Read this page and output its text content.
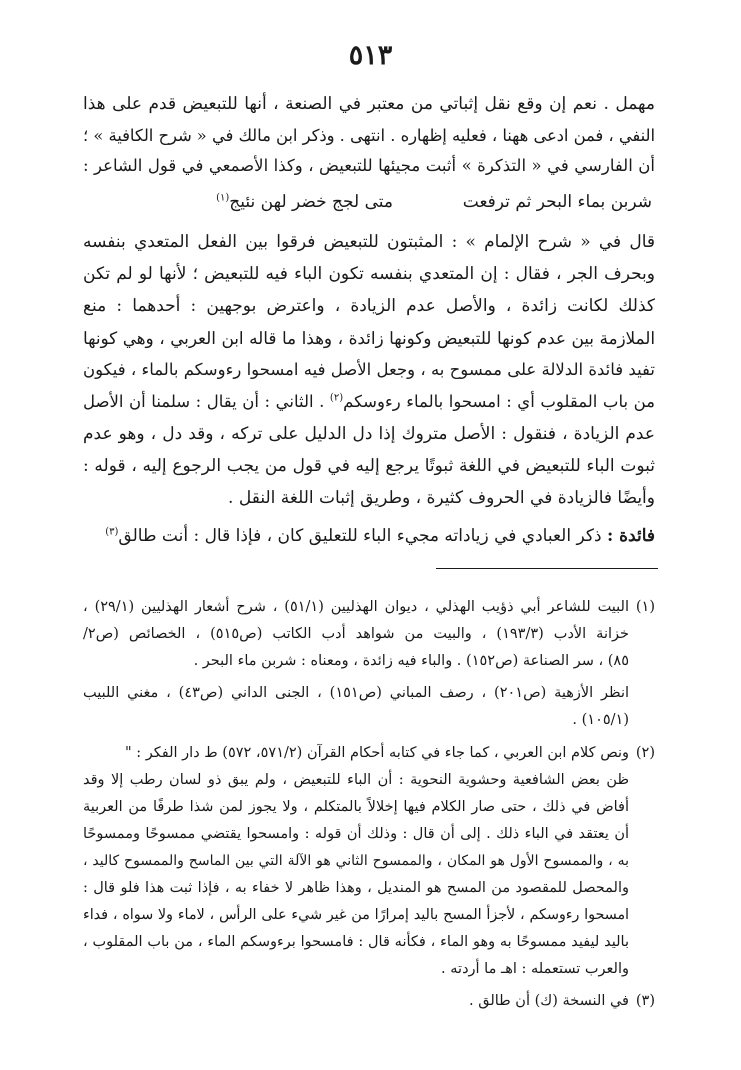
٥١٣
مهمل . نعم إن وقع نقل إثباتي من معتبر في الصنعة ، أنها للتبعيض قدم على هذا
النفي ، فمن ادعى ههنا ، فعليه إظهاره . انتهى . وذكر ابن مالك في « شرح الكافية » ؛
أن الفارسي في « التذكرة » أثبت مجيئها للتبعيض ، وكذا الأصمعي في قول الشاعر :
شربن بماء البحر ثم ترفعت
متى لجج خضر لهن نئيج$^{(١)}$
قال في « شرح الإلمام » : المثبتون للتبعيض فرقوا بين الفعل المتعدي بنفسه
وبحرف الجر ، فقال : إن المتعدي بنفسه تكون الباء فيه للتبعيض ؛ لأنها لو لم تكن
كذلك لكانت زائدة ، والأصل عدم الزيادة ، واعترض بوجهين : أحدهما : منع
الملازمة بين عدم كونها للتبعيض وكونها زائدة ، وهذا ما قاله ابن العربي ، وهي كونها
تفيد فائدة الدلالة على ممسوح به ، وجعل الأصل فيه امسحوا رءوسكم بالماء ، فيكون
من باب المقلوب أي : امسحوا بالماء رءوسكم$^{(٢)}$ . الثاني : أن يقال : سلمنا أن الأصل
عدم الزيادة ، فنقول : الأصل متروك إذا دل الدليل على تركه ، وقد دل ، وهو عدم
ثبوت الباء للتبعيض في اللغة ثبوتًا يرجع إليه في قول من يجب الرجوع إليه ، قوله :
وأيضًا فالزيادة في الحروف كثيرة ، وطريق إثبات اللغة النقل .
فائدة : ذكر العبادي في زياداته مجيء الباء للتعليق كان ، فإذا قال : أنت طالق$^{(٣)}$
(١)
البيت للشاعر أبي ذؤيب الهذلي ، ديوان الهذليين (٥١/١) ، شرح أشعار الهذليين (٢٩/١) ،
خزانة الأدب (١٩٣/٣) ، والبيت من شواهد أدب الكاتب (ص٥١٥) ، الخصائص (ص٢/
٨٥) ، سر الصناعة (ص١٥٢) . والباء فيه زائدة ، ومعناه : شربن ماء البحر .
انظر الأزهية (ص٢٠١) ، رصف المباني (ص١٥١) ، الجنى الداني (ص٤٣) ، مغني اللبيب
(١٠٥/١) .
(٢)
ونص كلام ابن العربي ، كما جاء في كتابه أحكام القرآن (٥٧١/٢، ٥٧٢) ط دار الفكر : "
ظن بعض الشافعية وحشوية النحوية : أن الباء للتبعيض ، ولم يبق ذو لسان رطب إلا وقد
أفاض في ذلك ، حتى صار الكلام فيها إخلالاً بالمتكلم ، ولا يجوز لمن شذا طرفًا من العربية
أن يعتقد في الباء ذلك . إلى أن قال : وذلك أن قوله : وامسحوا يقتضي ممسوحًا وممسوحًا
به ، والممسوح الأول هو المكان ، والممسوح الثاني هو الآلة التي بين الماسح والممسوح كاليد ،
والمحصل للمقصود من المسح هو المنديل ، وهذا ظاهر لا خفاء به ، فإذا ثبت هذا فلو قال :
امسحوا رءوسكم ، لأجزأ المسح باليد إمرارًا من غير شيء على الرأس ، لاماء ولا سواه ، فداء
باليد ليفيد ممسوحًا به وهو الماء ، فكأنه قال : فامسحوا برءوسكم الماء ، من باب المقلوب ،
والعرب تستعمله : اهـ ما أردته .
(٣)
في النسخة (ك) أن طالق .
